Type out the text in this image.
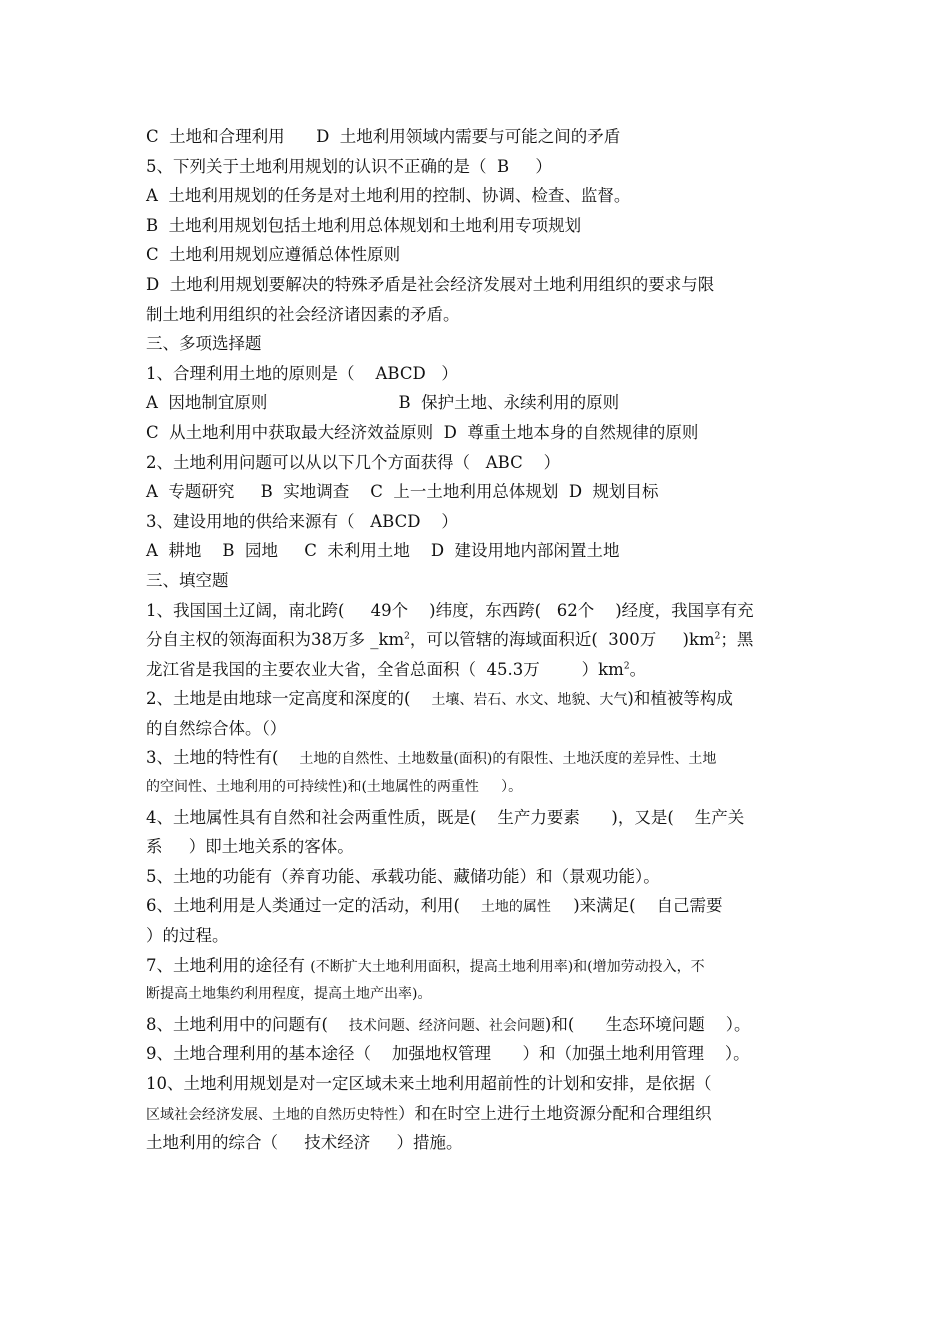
C  土地和合理利用      D  土地利用领域内需要与可能之间的矛盾
5、下列关于土地利用规划的认识不正确的是（  B     ）
A  土地利用规划的任务是对土地利用的控制、协调、检查、监督。
B  土地利用规划包括土地利用总体规划和土地利用专项规划
C  土地利用规划应遵循总体性原则
D  土地利用规划要解决的特殊矛盾是社会经济发展对土地利用组织的要求与限
制土地利用组织的社会经济诸因素的矛盾。
三、多项选择题
1、合理利用土地的原则是（    ABCD   ）
A  因地制宜原则                         B  保护土地、永续利用的原则
C  从土地利用中获取最大经济效益原则  D  尊重土地本身的自然规律的原则
2、土地利用问题可以从以下几个方面获得（   ABC    ）
A  专题研究     B  实地调查    C  上一土地利用总体规划  D  规划目标
3、建设用地的供给来源有（   ABCD    ）
A  耕地    B  园地     C  未利用土地    D  建设用地内部闲置土地
三、填空题
1、我国国土辽阔，南北跨(     49个    )纬度，东西跨(   62个    )经度，我国享有充
分自主权的领海面积为38万多 $\_km^2$，可以管辖的海域面积近(  300万     )$km^2$；黑
龙江省是我国的主要农业大省，全省总面积（  45.3万        ）$km^2$。
2、土地是由地球一定高度和深度的(    土壤、岩石、水文、地貌、大气)和植被等构成
的自然综合体。（）
3、土地的特性有(    土地的自然性、土地数量(面积)的有限性、土地沃度的差异性、土地
的空间性、土地利用的可持续性)和(土地属性的两重性     ）。
4、土地属性具有自然和社会两重性质，既是(    生产力要素      )，又是(    生产关
系     ）即土地关系的客体。
5、土地的功能有（养育功能、承载功能、藏储功能）和（景观功能）。
6、土地利用是人类通过一定的活动，利用(    土地的属性     )来满足(    自己需要
）的过程。
7、土地利用的途径有 (不断扩大土地利用面积，提高土地利用率)和(增加劳动投入，不
断提高土地集约利用程度，提高土地产出率)。
8、土地利用中的问题有(    技术问题、经济问题、社会问题)和(      生态环境问题    ）。
9、土地合理利用的基本途径（    加强地权管理      ）和（加强土地利用管理    ）。
10、土地利用规划是对一定区域未来土地利用超前性的计划和安排，是依据（
区域社会经济发展、土地的自然历史特性）和在时空上进行土地资源分配和合理组织
土地利用的综合（     技术经济     ）措施。
